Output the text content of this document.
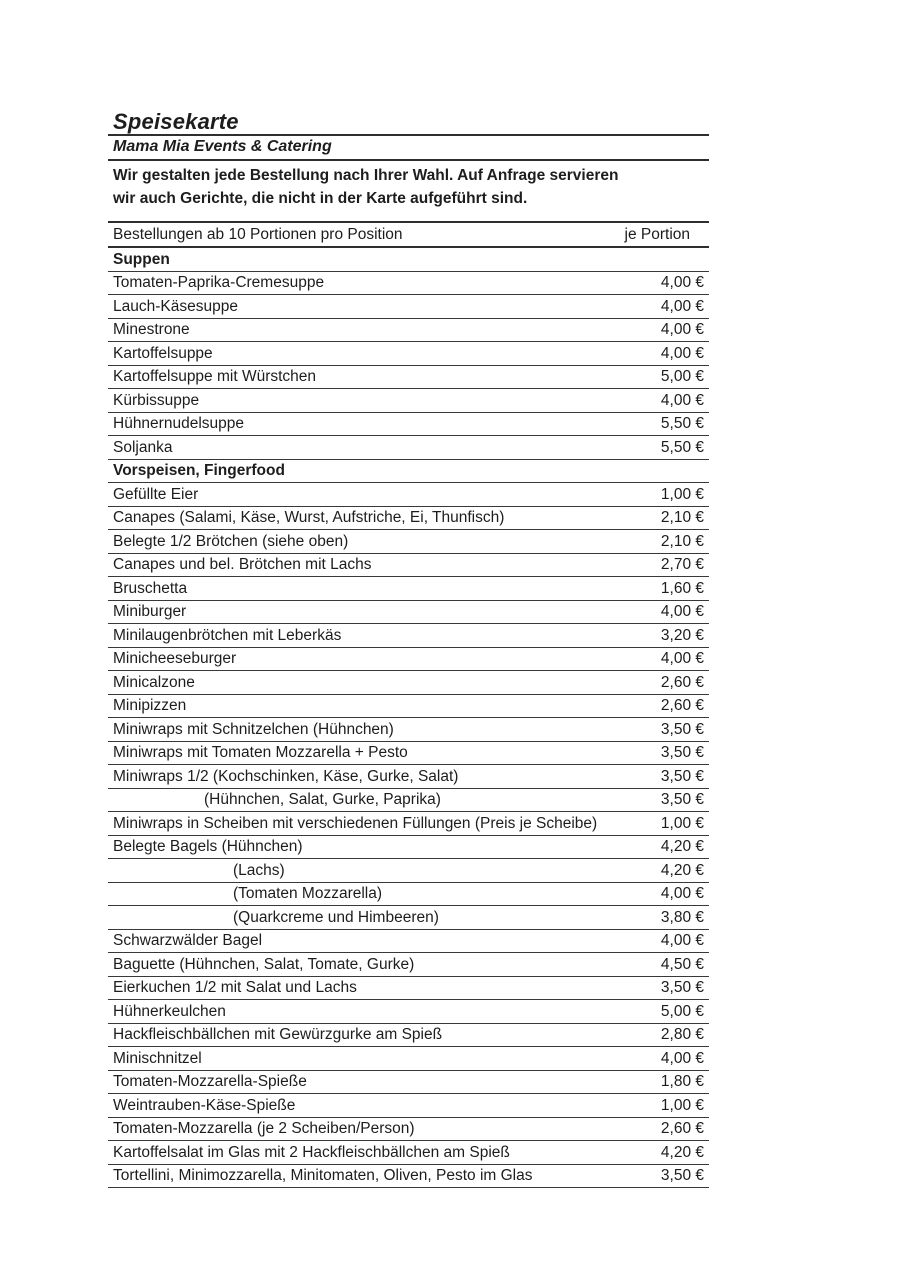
Speisekarte
Mama Mia Events & Catering
Wir gestalten jede Bestellung nach Ihrer Wahl. Auf Anfrage servieren
wir auch Gerichte, die nicht in der Karte aufgeführt sind.
Bestellungen ab 10 Portionen pro Position	je Portion
Suppen
Tomaten-Paprika-Cremesuppe	4,00 €
Lauch-Käsesuppe	4,00 €
Minestrone	4,00 €
Kartoffelsuppe	4,00 €
Kartoffelsuppe mit Würstchen	5,00 €
Kürbissuppe	4,00 €
Hühnernudelsuppe	5,50 €
Soljanka	5,50 €
Vorspeisen, Fingerfood
Gefüllte Eier	1,00 €
Canapes (Salami, Käse, Wurst, Aufstriche, Ei, Thunfisch)	2,10 €
Belegte 1/2 Brötchen (siehe oben)	2,10 €
Canapes und bel. Brötchen mit Lachs	2,70 €
Bruschetta	1,60 €
Miniburger	4,00 €
Minilaugenbrötchen mit Leberkäs	3,20 €
Minicheeseburger	4,00 €
Minicalzone	2,60 €
Minipizzen	2,60 €
Miniwraps mit Schnitzelchen (Hühnchen)	3,50 €
Miniwraps mit Tomaten Mozzarella + Pesto	3,50 €
Miniwraps 1/2 (Kochschinken, Käse, Gurke, Salat)	3,50 €
(Hühnchen, Salat, Gurke, Paprika)	3,50 €
Miniwraps in Scheiben mit verschiedenen Füllungen (Preis je Scheibe)	1,00 €
Belegte Bagels (Hühnchen)	4,20 €
(Lachs)	4,20 €
(Tomaten Mozzarella)	4,00 €
(Quarkcreme und Himbeeren)	3,80 €
Schwarzwälder Bagel	4,00 €
Baguette (Hühnchen, Salat, Tomate, Gurke)	4,50 €
Eierkuchen 1/2 mit Salat und Lachs	3,50 €
Hühnerkeulchen	5,00 €
Hackfleischbällchen mit Gewürzgurke am Spieß	2,80 €
Minischnitzel	4,00 €
Tomaten-Mozzarella-Spieße	1,80 €
Weintrauben-Käse-Spieße	1,00 €
Tomaten-Mozzarella (je 2 Scheiben/Person)	2,60 €
Kartoffelsalat im Glas mit 2 Hackfleischbällchen am Spieß	4,20 €
Tortellini, Minimozzarella, Minitomaten, Oliven, Pesto im Glas	3,50 €
